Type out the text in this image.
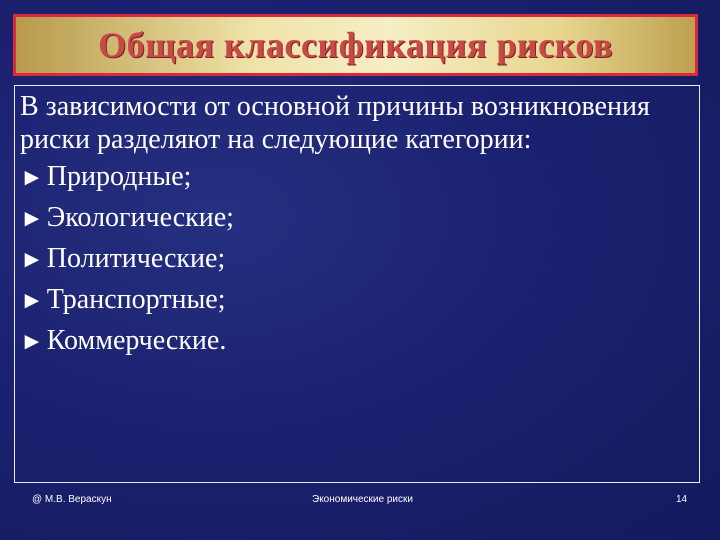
Общая классификация рисков

В зависимости от основной причины возникновения риски разделяют на следующие категории:

► Природные;
► Экологические;
► Политические;
► Транспортные;
► Коммерческие.
@ М.В. Вераскун	Экономические риски	14
